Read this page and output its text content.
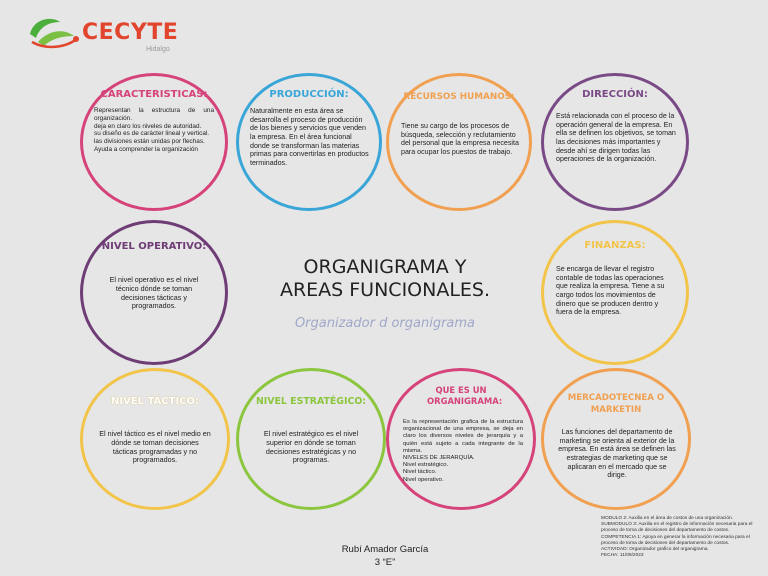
CECYTE
Hidalgo
CARACTERISTICAS:
Representan la estructura de una organización.
deja en claro los niveles de autoridad.
su diseño es de carácter lineal y vertical.
las divisiones están unidas por flechas.
Ayuda a comprender la organización
PRODUCCIÓN:
Naturalmente en esta área se desarrolla el proceso de producción de los bienes y servicios que venden la empresa. En el área funcional donde se transforman las materias primas para convertirlas en productos terminados.
RECURSOS HUMANOS:
Tiene su cargo de los procesos de búsqueda, selección y reclutamiento del personal que la empresa necesita para ocupar los puestos de trabajo.
DIRECCIÓN:
Está relacionada con el proceso de la operación general de la empresa. En ella se definen los objetivos, se toman las decisiones más importantes y desde ahí se dirigen todas las operaciones de la organización.
NIVEL OPERATIVO:
El nivel operativo es el nivel técnico dónde se toman decisiones tácticas y programados.
ORGANIGRAMA Y
AREAS FUNCIONALES.
Organizador d organigrama
FINANZAS:
Se encarga de llevar el registro contable de todas las operaciones que realiza la empresa. Tiene a su cargo todos los movimientos de dinero que se producen dentro y fuera de la empresa.
NIVEL TÁCTICO:
El nivel táctico es el nivel medio en dónde se toman decisiones tácticas programadas y no programados.
NIVEL ESTRATÉGICO:
El nivel estratégico es el nivel superior en dónde se toman decisiones estratégicas y no programas.
QUE ES UN ORGANIGRAMA:
Es la representación grafica de la estructura organizacional de una empresa, se deja en claro los diversos niveles de jerarquía y a quién está sujeto a cada integrante de la misma.
NIVELES DE JERARQUÍA.
Nivel estratégico.
Nivel táctico.
Nivel operativo.
MERCADOTECNEA O MARKETIN
Las funciones del departamento de marketing se orienta al exterior de la empresa. En está área se definen las estrategias de marketing que se aplicaran en el mercado que se dirige.
Rubí Amador García
3 “E”
MODULO 2: Auxilia en el área de costos de una organización.
SUBMODULO 3: Auxilia en el registro de información necesaria para el proceso de toma de decisiones del departamento de costos.
COMPETENCIA 1: Apoya en generar la información necesaria para el proceso de toma de decisiones del departamento de costos.
ACTIVIDAD: Organizador grafico del organigrama.
FECHA: 11/09/2023
